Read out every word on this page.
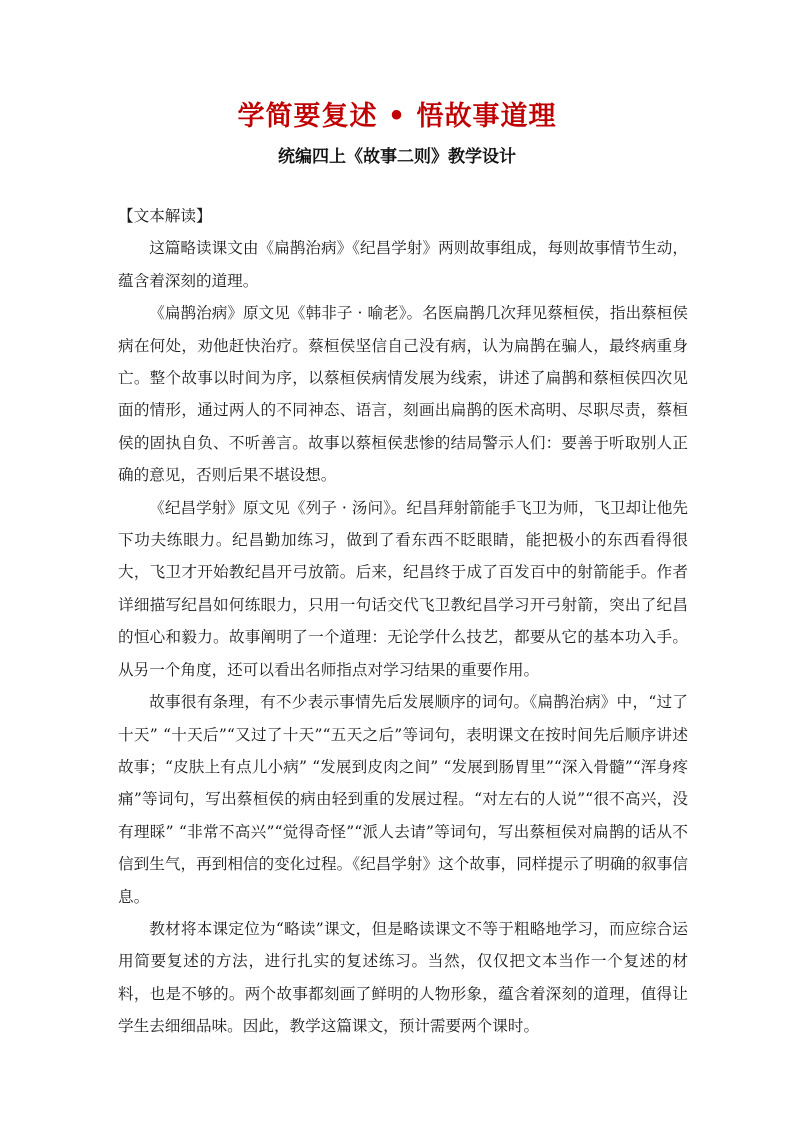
学简要复述 • 悟故事道理
统编四上《故事二则》教学设计

【文本解读】

这篇略读课文由《扁鹊治病》《纪昌学射》两则故事组成，每则故事情节生动，蕴含着深刻的道理。

《扁鹊治病》原文见《韩非子 · 喻老》。名医扁鹊几次拜见蔡桓侯，指出蔡桓侯病在何处，劝他赶快治疗。蔡桓侯坚信自己没有病，认为扁鹊在骗人，最终病重身亡。整个故事以时间为序，以蔡桓侯病情发展为线索，讲述了扁鹊和蔡桓侯四次见面的情形，通过两人的不同神态、语言，刻画出扁鹊的医术高明、尽职尽责，蔡桓侯的固执自负、不听善言。故事以蔡桓侯悲惨的结局警示人们：要善于听取别人正确的意见，否则后果不堪设想。

《纪昌学射》原文见《列子 · 汤问》。纪昌拜射箭能手飞卫为师，飞卫却让他先下功夫练眼力。纪昌勤加练习，做到了看东西不眨眼睛，能把极小的东西看得很大，飞卫才开始教纪昌开弓放箭。后来，纪昌终于成了百发百中的射箭能手。作者详细描写纪昌如何练眼力，只用一句话交代飞卫教纪昌学习开弓射箭，突出了纪昌的恒心和毅力。故事阐明了一个道理：无论学什么技艺，都要从它的基本功入手。从另一个角度，还可以看出名师指点对学习结果的重要作用。

故事很有条理，有不少表示事情先后发展顺序的词句。《扁鹊治病》中，“过了十天” “十天后”“又过了十天”“五天之后”等词句，表明课文在按时间先后顺序讲述故事；“皮肤上有点儿小病” “发展到皮肉之间” “发展到肠胃里”“深入骨髓”“浑身疼痛”等词句，写出蔡桓侯的病由轻到重的发展过程。“对左右的人说”“很不高兴，没有理睬” “非常不高兴”“觉得奇怪”“派人去请”等词句，写出蔡桓侯对扁鹊的话从不信到生气，再到相信的变化过程。《纪昌学射》这个故事，同样提示了明确的叙事信息。

教材将本课定位为“略读”课文，但是略读课文不等于粗略地学习，而应综合运用简要复述的方法，进行扎实的复述练习。当然，仅仅把文本当作一个复述的材料，也是不够的。两个故事都刻画了鲜明的人物形象，蕴含着深刻的道理，值得让学生去细细品味。因此，教学这篇课文，预计需要两个课时。
